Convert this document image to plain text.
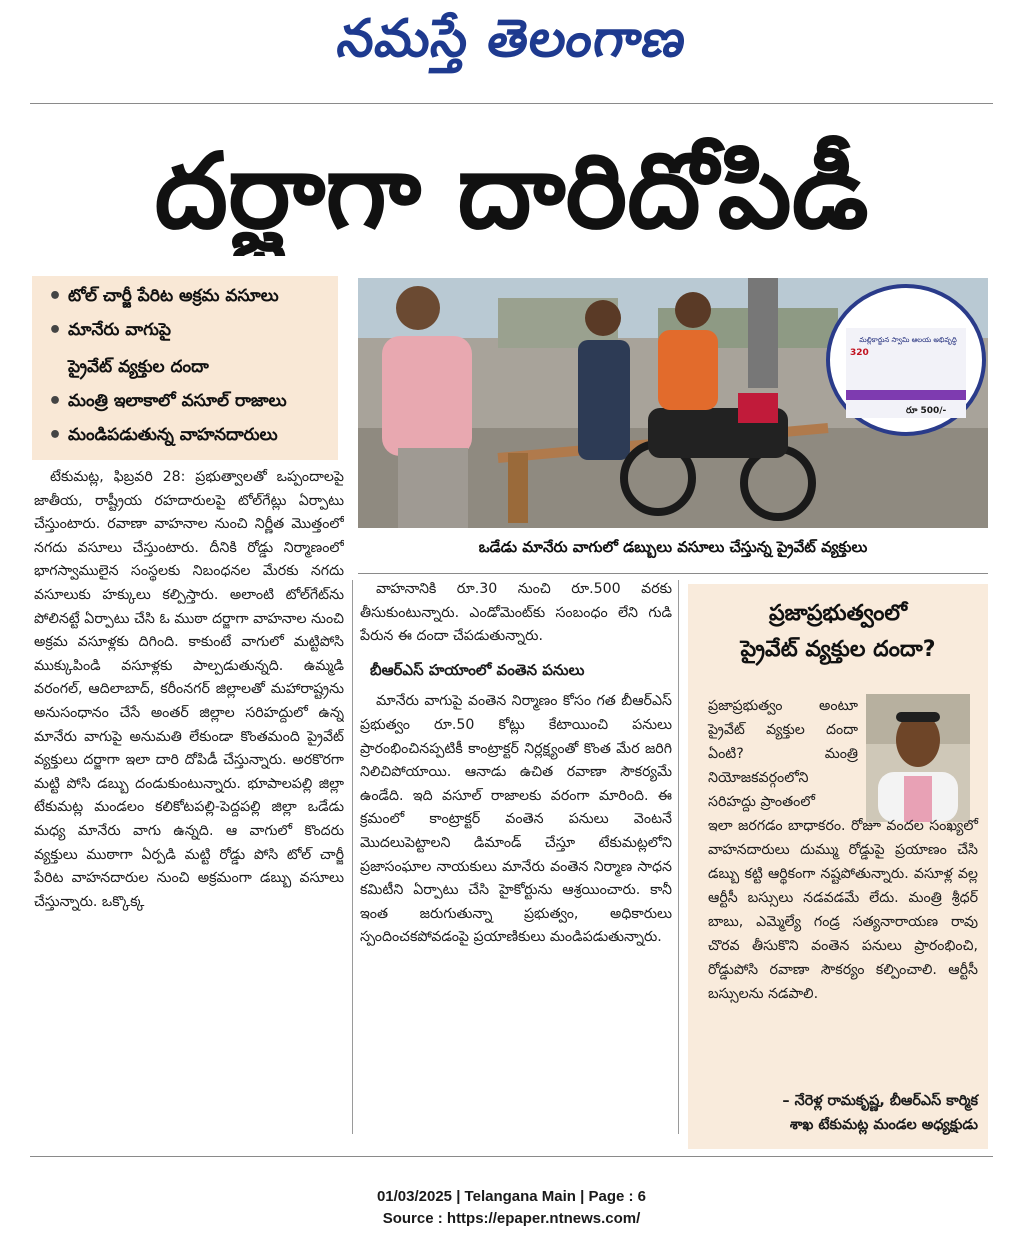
నమస్తే తెలంగాణ
దర్జాగా దారిదోపిడీ
• టోల్ చార్జీ పేరిట అక్రమ వసూలు
• మానేరు వాగుపై
ప్రైవేట్ వ్యక్తుల దందా
• మంత్రి ఇలాకాలో వసూల్ రాజాలు
• మండిపడుతున్న వాహనదారులు
మల్లికార్జున స్వామి ఆలయ అభివృద్ధి
320
రూ 500/-
ఒడేడు మానేరు వాగులో డబ్బులు వసూలు చేస్తున్న ప్రైవేట్ వ్యక్తులు

టేకుమట్ల, ఫిబ్రవరి 28: ప్రభుత్వాలతో ఒప్పందాలపై జాతీయ, రాష్ట్రీయ రహదారులపై టోల్‌గేట్లు ఏర్పాటు చేస్తుంటారు. రవాణా వాహనాల నుంచి నిర్ణీత మొత్తంలో నగదు వసూలు చేస్తుంటారు. దీనికి రోడ్డు నిర్మాణంలో భాగస్వాములైన సంస్థలకు నిబంధనల మేరకు నగదు వసూలుకు హక్కులు కల్పిస్తారు. అలాంటి టోల్‌గేట్‌ను పోలినట్టే ఏర్పాటు చేసి ఓ ముఠా దర్జాగా వాహనాల నుంచి అక్రమ వసూళ్లకు దిగింది. కాకుంటే వాగులో మట్టిపోసి ముక్కుపిండి వసూళ్లకు పాల్పడుతున్నది. ఉమ్మడి వరంగల్, ఆదిలాబాద్, కరీంనగర్ జిల్లాలతో మహారాష్ట్రను అనుసంధానం చేసే అంతర్ జిల్లాల సరిహద్దులో ఉన్న మానేరు వాగుపై అనుమతి లేకుండా కొంతమంది ప్రైవేట్ వ్యక్తులు దర్జాగా ఇలా దారి దోపిడీ చేస్తున్నారు. అరకొరగా మట్టి పోసి డబ్బు దండుకుంటున్నారు. భూపాలపల్లి జిల్లా టేకుమట్ల మండలం కలికోటపల్లి-పెద్దపల్లి జిల్లా ఒడేడు మధ్య మానేరు వాగు ఉన్నది. ఆ వాగులో కొందరు వ్యక్తులు ముఠాగా ఏర్పడి మట్టి రోడ్డు పోసి టోల్‌ చార్జీ పేరిట వాహనదారుల నుంచి అక్రమంగా డబ్బు వసూలు చేస్తున్నారు. ఒక్కొక్క

వాహనానికి రూ.30 నుంచి రూ.500 వరకు తీసుకుంటున్నారు. ఎండోమెంట్‌కు సంబంధం లేని గుడి పేరున ఈ దందా చేపడుతున్నారు.

బీఆర్ఎస్ హయాంలో వంతెన పనులు

మానేరు వాగుపై వంతెన నిర్మాణం కోసం గత బీఆర్ఎస్ ప్రభుత్వం రూ.50 కోట్లు కేటాయించి పనులు ప్రారంభించినప్పటికీ కాంట్రాక్టర్ నిర్లక్ష్యంతో కొంత మేర జరిగి నిలిచిపోయాయి. ఆనాడు ఉచిత రవాణా సౌకర్యమే ఉండేది. ఇది వసూల్ రాజాలకు వరంగా మారింది. ఈ క్రమంలో కాంట్రాక్టర్ వంతెన పనులు వెంటనే మొదలుపెట్టాలని డిమాండ్ చేస్తూ టేకుమట్లలోని ప్రజాసంఘాల నాయకులు మానేరు వంతెన నిర్మాణ సాధన కమిటీని ఏర్పాటు చేసి హైకోర్టును ఆశ్రయించారు. కానీ ఇంత జరుగుతున్నా ప్రభుత్వం, అధికారులు స్పందించకపోవడంపై ప్రయాణికులు మండిపడుతున్నారు.

ప్రజాప్రభుత్వంలో
ప్రైవేట్ వ్యక్తుల దందా?
ప్రజాప్రభుత్వం అంటూ ప్రైవేట్ వ్యక్తుల దందా ఏంటి? మంత్రి నియోజకవర్గంలోని సరిహద్దు ప్రాంతంలో
ఇలా జరగడం బాధాకరం. రోజూ వందల సంఖ్యలో వాహనదారులు దుమ్ము రోడ్డుపై ప్రయాణం చేసి డబ్బు కట్టి ఆర్థికంగా నష్టపోతున్నారు. వసూళ్ల వల్ల ఆర్టీసీ బస్సులు నడవడమే లేదు. మంత్రి శ్రీధర్ బాబు, ఎమ్మెల్యే గండ్ర సత్యనారాయణ రావు చొరవ తీసుకొని వంతెన పనులు ప్రారంభించి, రోడ్డుపోసి రవాణా సౌకర్యం కల్పించాలి. ఆర్టీసీ బస్సులను నడపాలి.
– నేరెళ్ల రామకృష్ణ, బీఆర్ఎస్ కార్మిక
శాఖ టేకుమట్ల మండల అధ్యక్షుడు
01/03/2025 | Telangana Main | Page : 6
Source : https://epaper.ntnews.com/
